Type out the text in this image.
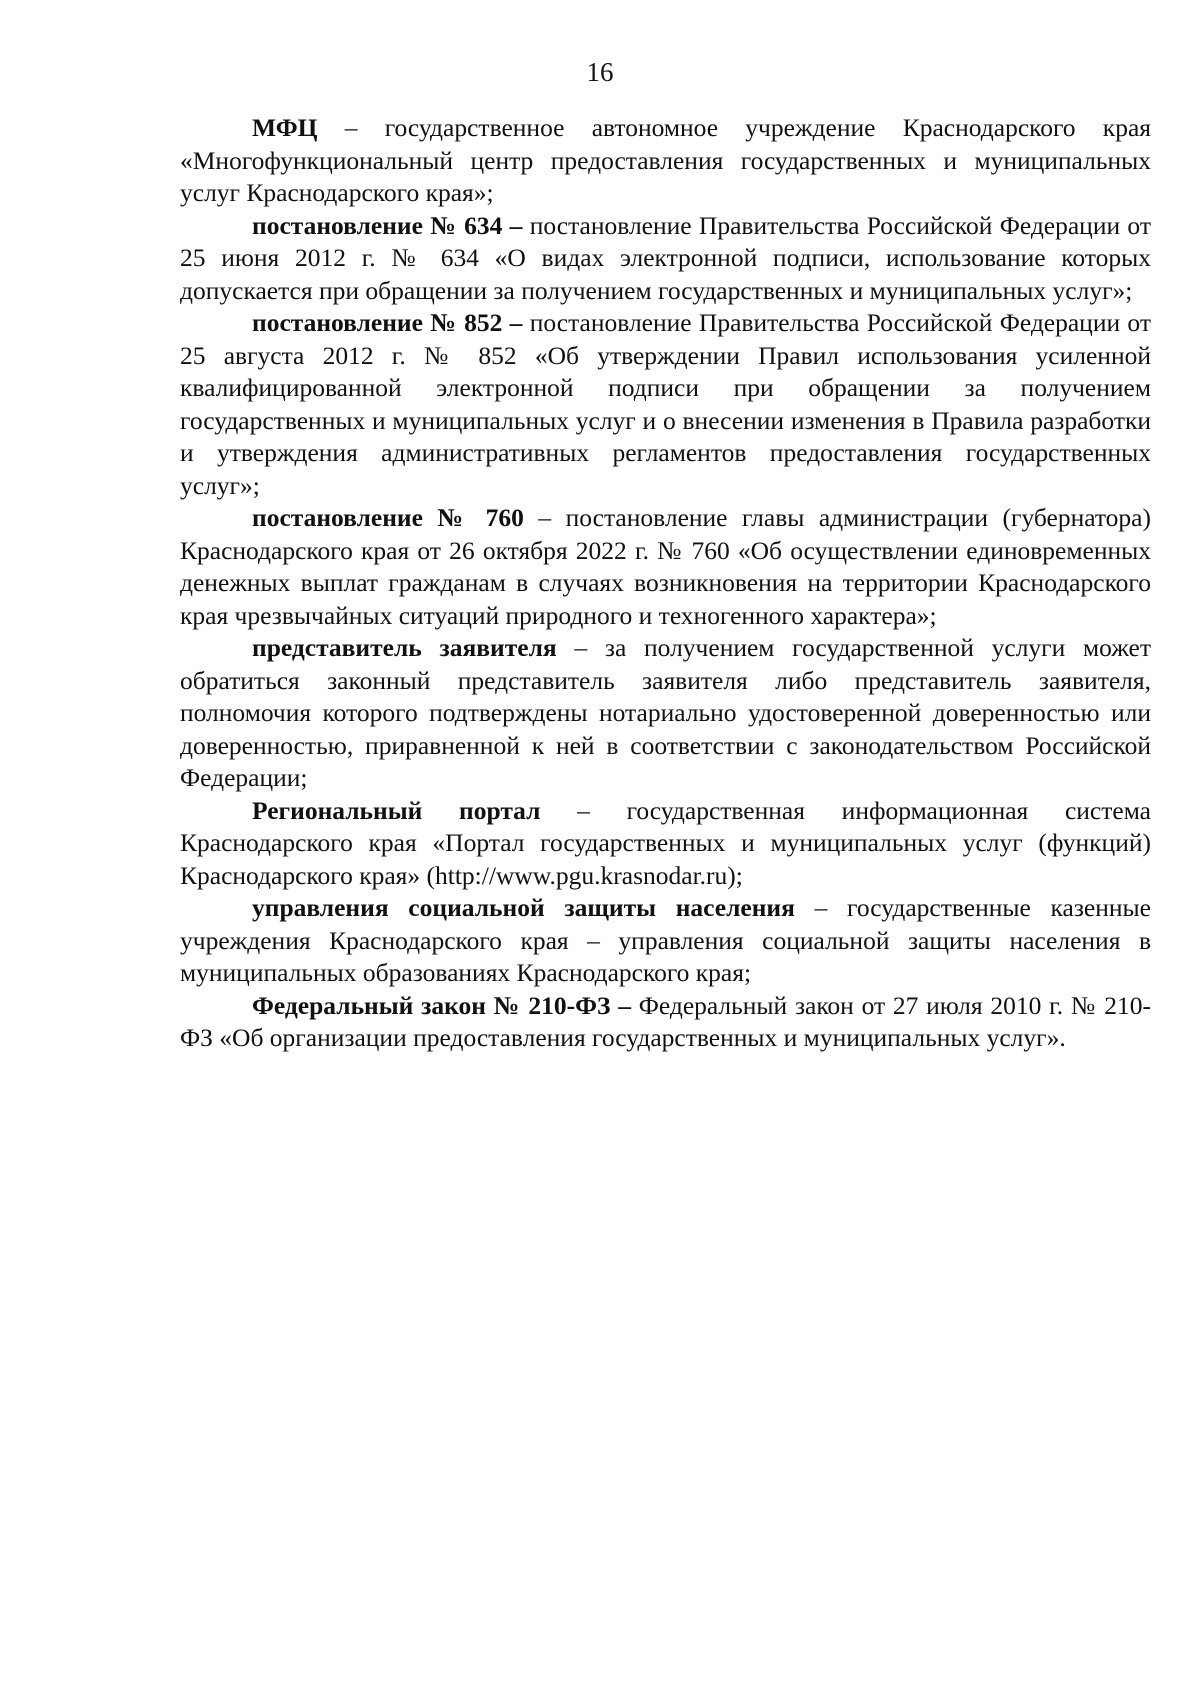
16

МФЦ – государственное автономное учреждение Краснодарского края «Многофункциональный центр предоставления государственных и муниципальных услуг Краснодарского края»;

постановление № 634 – постановление Правительства Российской Федерации от 25 июня 2012 г. № 634 «О видах электронной подписи, использование которых допускается при обращении за получением государственных и муниципальных услуг»;

постановление № 852 – постановление Правительства Российской Федерации от 25 августа 2012 г. № 852 «Об утверждении Правил использования усиленной квалифицированной электронной подписи при обращении за получением государственных и муниципальных услуг и о внесении изменения в Правила разработки и утверждения административных регламентов предоставления государственных услуг»;

постановление № 760 – постановление главы администрации (губернатора) Краснодарского края от 26 октября 2022 г. № 760 «Об осуществлении единовременных денежных выплат гражданам в случаях возникновения на территории Краснодарского края чрезвычайных ситуаций природного и техногенного характера»;

представитель заявителя – за получением государственной услуги может обратиться законный представитель заявителя либо представитель заявителя, полномочия которого подтверждены нотариально удостоверенной доверенностью или доверенностью, приравненной к ней в соответствии с законодательством Российской Федерации;

Региональный портал – государственная информационная система Краснодарского края «Портал государственных и муниципальных услуг (функций) Краснодарского края» (http://www.pgu.krasnodar.ru);

управления социальной защиты населения – государственные казенные учреждения Краснодарского края – управления социальной защиты населения в муниципальных образованиях Краснодарского края;

Федеральный закон № 210-ФЗ – Федеральный закон от 27 июля 2010 г. № 210-ФЗ «Об организации предоставления государственных и муниципальных услуг».
